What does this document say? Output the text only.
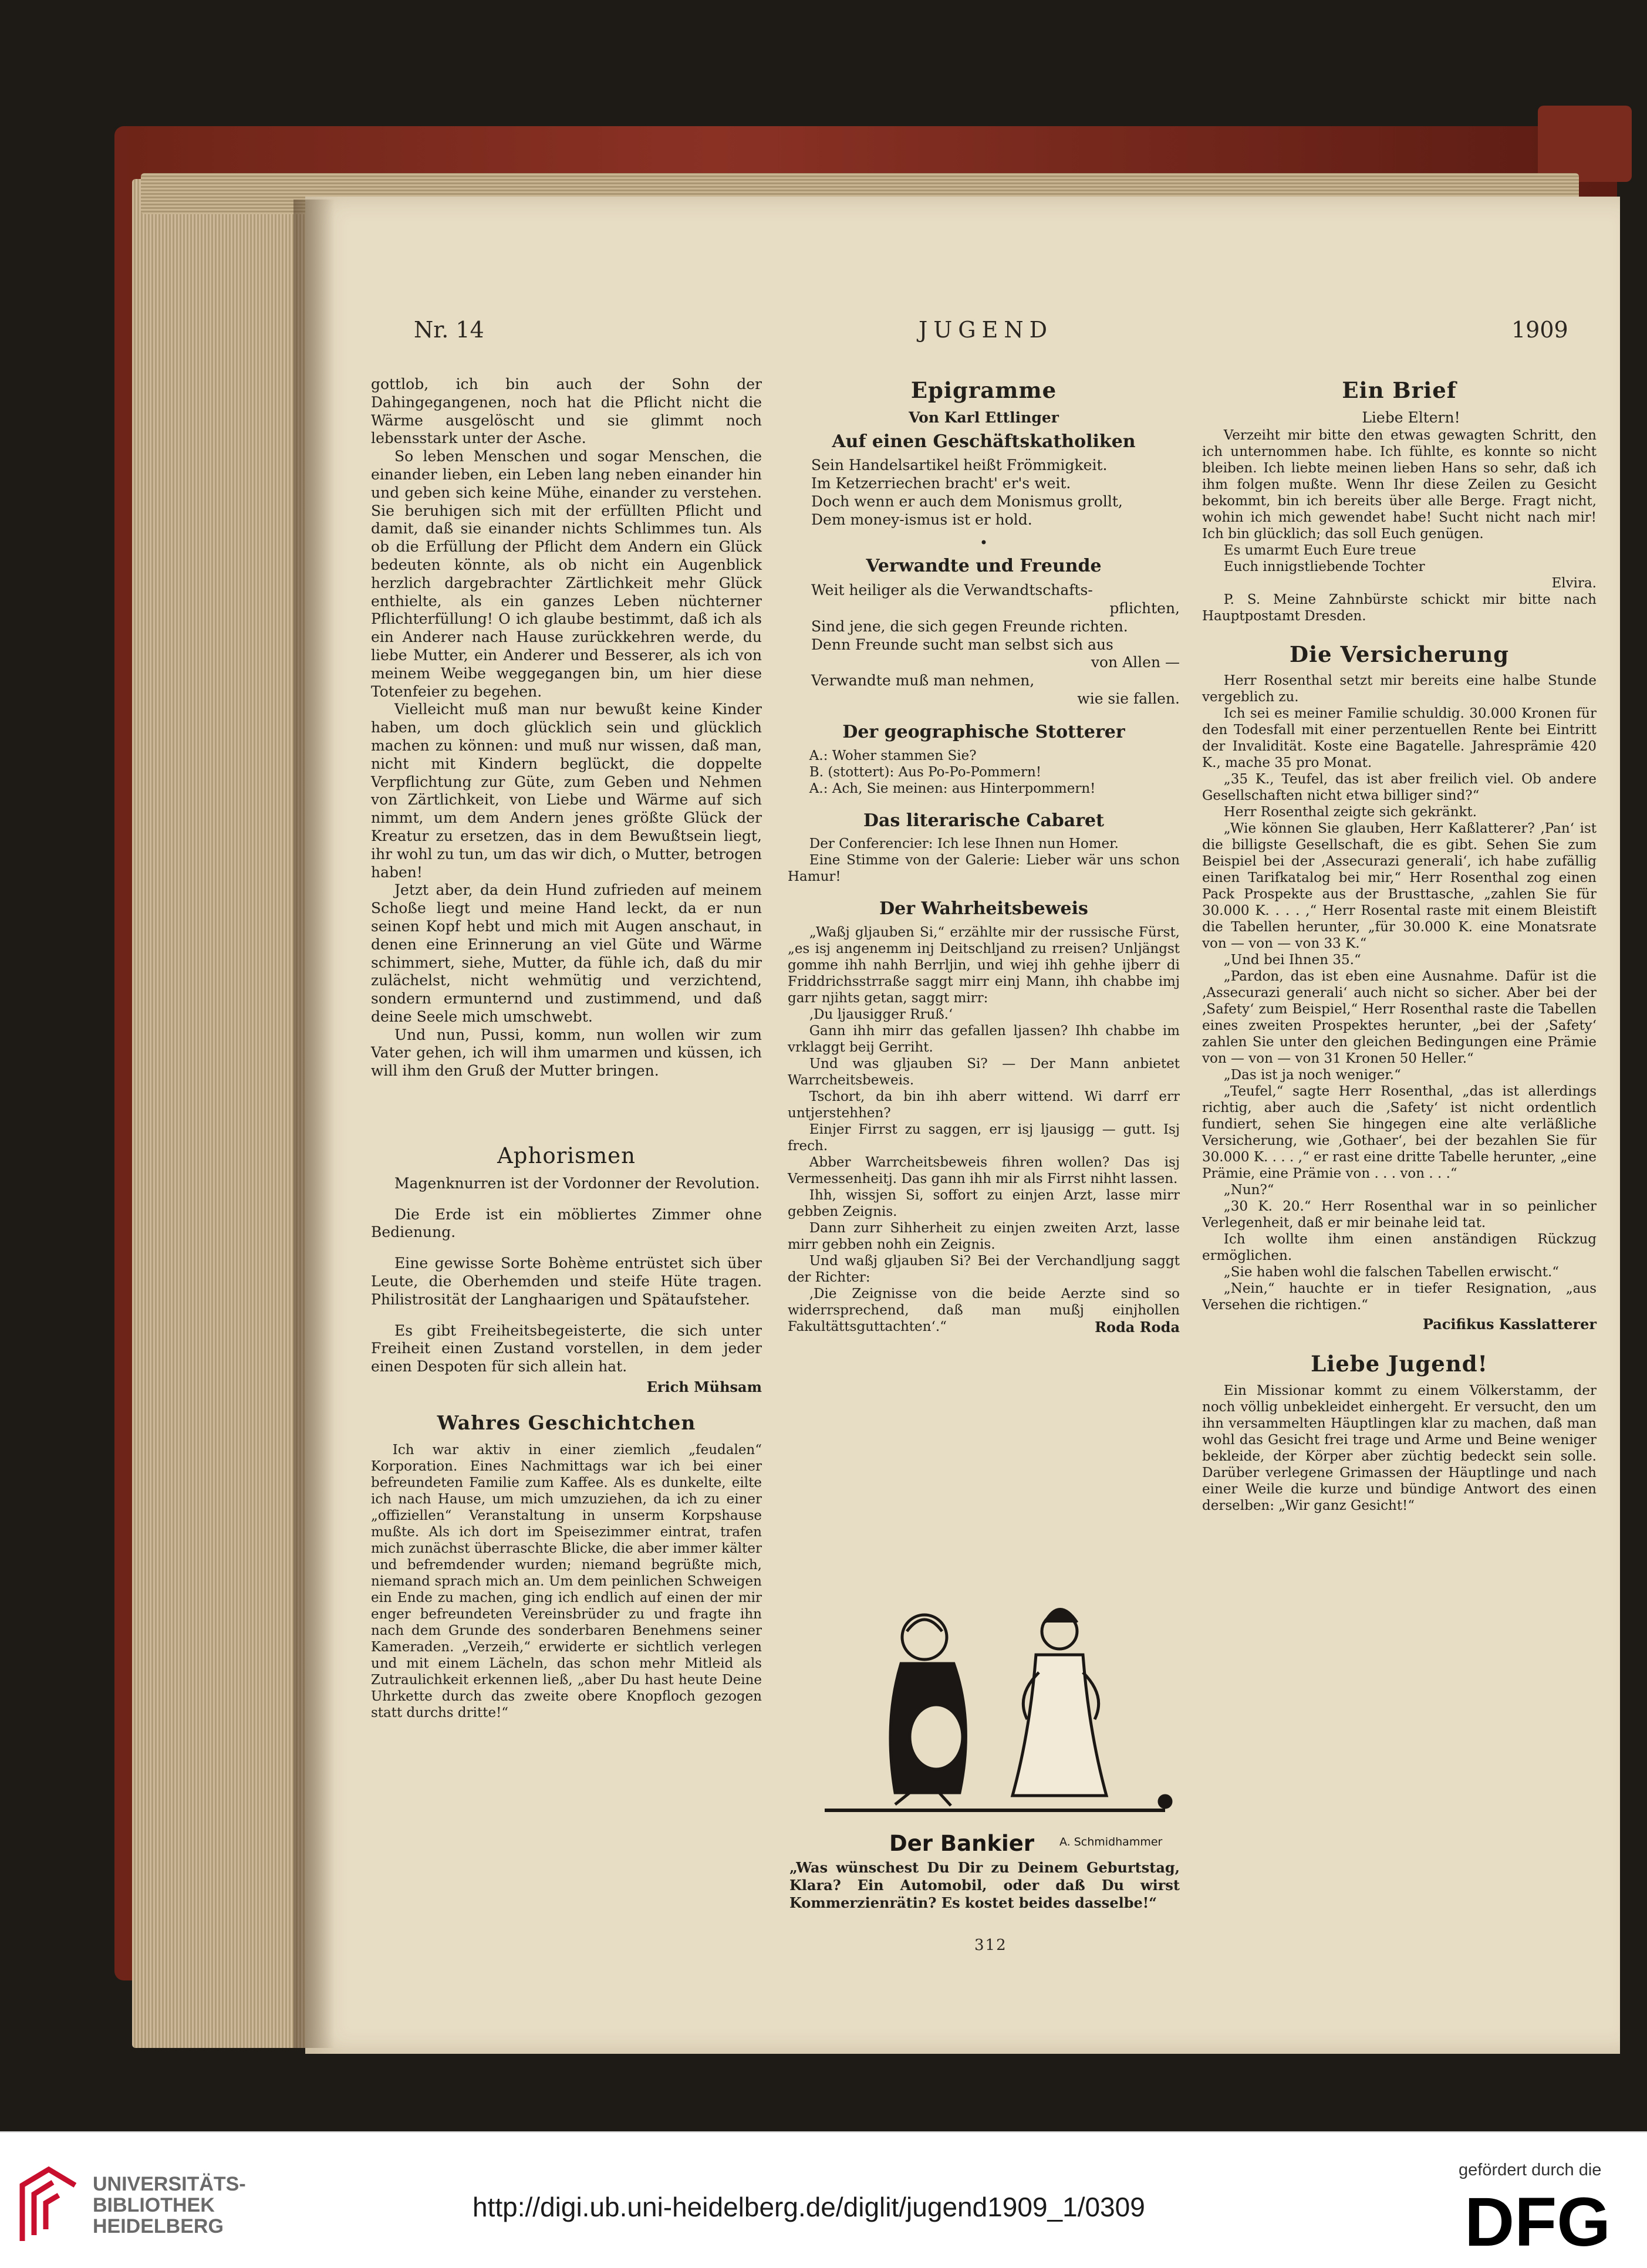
Nr. 14	JUGEND	1909

gottlob, ich bin auch der Sohn der Dahingegangenen, noch hat die Pflicht nicht die Wärme ausgelöscht und sie glimmt noch lebensstark unter der Asche.

So leben Menschen und sogar Menschen, die einander lieben, ein Leben lang neben einander hin und geben sich keine Mühe, einander zu verstehen. Sie beruhigen sich mit der erfüllten Pflicht und damit, daß sie einander nichts Schlimmes tun. Als ob die Erfüllung der Pflicht dem Andern ein Glück bedeuten könnte, als ob nicht ein Augenblick herzlich dargebrachter Zärtlichkeit mehr Glück enthielte, als ein ganzes Leben nüchterner Pflichterfüllung! O ich glaube bestimmt, daß ich als ein Anderer nach Hause zurückkehren werde, du liebe Mutter, ein Anderer und Besserer, als ich von meinem Weibe weggegangen bin, um hier diese Totenfeier zu begehen.

Vielleicht muß man nur bewußt keine Kinder haben, um doch glücklich sein und glücklich machen zu können: und muß nur wissen, daß man, nicht mit Kindern beglückt, die doppelte Verpflichtung zur Güte, zum Geben und Nehmen von Zärtlichkeit, von Liebe und Wärme auf sich nimmt, um dem Andern jenes größte Glück der Kreatur zu ersetzen, das in dem Bewußtsein liegt, ihr wohl zu tun, um das wir dich, o Mutter, betrogen haben!

Jetzt aber, da dein Hund zufrieden auf meinem Schoße liegt und meine Hand leckt, da er nun seinen Kopf hebt und mich mit Augen anschaut, in denen eine Erinnerung an viel Güte und Wärme schimmert, siehe, Mutter, da fühle ich, daß du mir zulächelst, nicht wehmütig und verzichtend, sondern ermunternd und zustimmend, und daß deine Seele mich umschwebt.

Und nun, Pussi, komm, nun wollen wir zum Vater gehen, ich will ihm umarmen und küssen, ich will ihm den Gruß der Mutter bringen.

Aphorismen

Magenknurren ist der Vordonner der Revolution.

Die Erde ist ein möbliertes Zimmer ohne Bedienung.

Eine gewisse Sorte Bohème entrüstet sich über Leute, die Oberhemden und steife Hüte tragen. Philistrosität der Langhaarigen und Spätaufsteher.

Es gibt Freiheitsbegeisterte, die sich unter Freiheit einen Zustand vorstellen, in dem jeder einen Despoten für sich allein hat.

Erich Mühsam
Wahres Geschichtchen

Ich war aktiv in einer ziemlich „feudalen“ Korporation. Eines Nachmittags war ich bei einer befreundeten Familie zum Kaffee. Als es dunkelte, eilte ich nach Hause, um mich umzuziehen, da ich zu einer „offiziellen“ Veranstaltung in unserm Korpshause mußte. Als ich dort im Speisezimmer eintrat, trafen mich zunächst überraschte Blicke, die aber immer kälter und befremdender wurden; niemand begrüßte mich, niemand sprach mich an. Um dem peinlichen Schweigen ein Ende zu machen, ging ich endlich auf einen der mir enger befreundeten Vereinsbrüder zu und fragte ihn nach dem Grunde des sonderbaren Benehmens seiner Kameraden. „Verzeih,“ erwiderte er sichtlich verlegen und mit einem Lächeln, das schon mehr Mitleid als Zutraulichkeit erkennen ließ, „aber Du hast heute Deine Uhrkette durch das zweite obere Knopfloch gezogen statt durchs dritte!“

Epigramme
Von Karl Ettlinger
Auf einen Geschäftskatholiken

Sein Handelsartikel heißt Frömmigkeit.

Im Ketzerriechen bracht' er's weit.

Doch wenn er auch dem Monismus grollt,

Dem money-ismus ist er hold.

•
Verwandte und Freunde

Weit heiliger als die Verwandtschafts-

pflichten,

Sind jene, die sich gegen Freunde richten.

Denn Freunde sucht man selbst sich aus

von Allen —

Verwandte muß man nehmen,

wie sie fallen.

Der geographische Stotterer

A.: Woher stammen Sie?

B. (stottert): Aus Po-Po-Pommern!

A.: Ach, Sie meinen: aus Hinterpommern!

Das literarische Cabaret

Der Conferencier: Ich lese Ihnen nun Homer.

Eine Stimme von der Galerie: Lieber wär uns schon Hamur!

Der Wahrheitsbeweis

„Waßj gljauben Si,“ erzählte mir der russische Fürst, „es isj angenemm inj Deitschljand zu rreisen? Unljängst gomme ihh nahh Berrljin, und wiej ihh gehhe ijberr di Friddrichsstrraße saggt mirr einj Mann, ihh chabbe imj garr njihts getan, saggt mirr:

‚Du ljausigger Rruß.‘

Gann ihh mirr das gefallen ljassen? Ihh chabbe im vrklaggt beij Gerriht.

Und was gljauben Si? — Der Mann anbietet Warrcheitsbeweis.

Tschort, da bin ihh aberr wittend. Wi darrf err untjerstehhen?

Einjer Firrst zu saggen, err isj ljausigg — gutt. Isj frech.

Abber Warrcheitsbeweis fihren wollen? Das isj Vermessenheitj. Das gann ihh mir als Firrst nihht lassen.

Ihh, wissjen Si, soffort zu einjen Arzt, lasse mirr gebben Zeignis.

Dann zurr Sihherheit zu einjen zweiten Arzt, lasse mirr gebben nohh ein Zeignis.

Und waßj gljauben Si? Bei der Verchandljung saggt der Richter:

‚Die Zeignisse von die beide Aerzte sind so widerrsprechend, daß man mußj einjhollen Fakultättsguttachten‘.“	Roda Roda
Der Bankier A. Schmidhammer
„Was wünschest Du Dir zu Deinem Geburtstag, Klara? Ein Automobil, oder daß Du wirst Kommerzienrätin? Es kostet beides dasselbe!“
Ein Brief

Liebe Eltern!

Verzeiht mir bitte den etwas gewagten Schritt, den ich unternommen habe. Ich fühlte, es konnte so nicht bleiben. Ich liebte meinen lieben Hans so sehr, daß ich ihm folgen mußte. Wenn Ihr diese Zeilen zu Gesicht bekommt, bin ich bereits über alle Berge. Fragt nicht, wohin ich mich gewendet habe! Sucht nicht nach mir! Ich bin glücklich; das soll Euch genügen.

Es umarmt Euch Eure treue

Euch innigstliebende Tochter

Elvira.

P. S. Meine Zahnbürste schickt mir bitte nach Hauptpostamt Dresden.

Die Versicherung

Herr Rosenthal setzt mir bereits eine halbe Stunde vergeblich zu.

Ich sei es meiner Familie schuldig. 30.000 Kronen für den Todesfall mit einer perzentuellen Rente bei Eintritt der Invalidität. Koste eine Bagatelle. Jahresprämie 420 K., mache 35 pro Monat.

„35 K., Teufel, das ist aber freilich viel. Ob andere Gesellschaften nicht etwa billiger sind?“

Herr Rosenthal zeigte sich gekränkt.

„Wie können Sie glauben, Herr Kaßlatterer? ‚Pan‘ ist die billigste Gesellschaft, die es gibt. Sehen Sie zum Beispiel bei der ‚Assecurazi generali‘, ich habe zufällig einen Tarifkatalog bei mir,“ Herr Rosenthal zog einen Pack Prospekte aus der Brusttasche, „zahlen Sie für 30.000 K. . . . ,“ Herr Rosental raste mit einem Bleistift die Tabellen herunter, „für 30.000 K. eine Monatsrate von — von — von 33 K.“

„Und bei Ihnen 35.“

„Pardon, das ist eben eine Ausnahme. Dafür ist die ‚Assecurazi generali‘ auch nicht so sicher. Aber bei der ‚Safety‘ zum Beispiel,“ Herr Rosenthal raste die Tabellen eines zweiten Prospektes herunter, „bei der ‚Safety‘ zahlen Sie unter den gleichen Bedingungen eine Prämie von — von — von 31 Kronen 50 Heller.“

„Das ist ja noch weniger.“

„Teufel,“ sagte Herr Rosenthal, „das ist allerdings richtig, aber auch die ‚Safety‘ ist nicht ordentlich fundiert, sehen Sie hingegen eine alte verläßliche Versicherung, wie ‚Gothaer‘, bei der bezahlen Sie für 30.000 K. . . . ,“ er rast eine dritte Tabelle herunter, „eine Prämie, eine Prämie von . . . von . . .“

„Nun?“

„30 K. 20.“ Herr Rosenthal war in so peinlicher Verlegenheit, daß er mir beinahe leid tat.

Ich wollte ihm einen anständigen Rückzug ermöglichen.

„Sie haben wohl die falschen Tabellen erwischt.“

„Nein,“ hauchte er in tiefer Resignation, „aus Versehen die richtigen.“

Pacifikus Kasslatterer
Liebe Jugend!

Ein Missionar kommt zu einem Völkerstamm, der noch völlig unbekleidet einhergeht. Er versucht, den um ihn versammelten Häuptlingen klar zu machen, daß man wohl das Gesicht frei trage und Arme und Beine weniger bekleide, der Körper aber züchtig bedeckt sein solle. Darüber verlegene Grimassen der Häuptlinge und nach einer Weile die kurze und bündige Antwort des einen derselben: „Wir ganz Gesicht!“

312
UNIVERSITÄTS-
BIBLIOTHEK
HEIDELBERG
http://digi.ub.uni-heidelberg.de/diglit/jugend1909_1/0309
gefördert durch die
DFG
